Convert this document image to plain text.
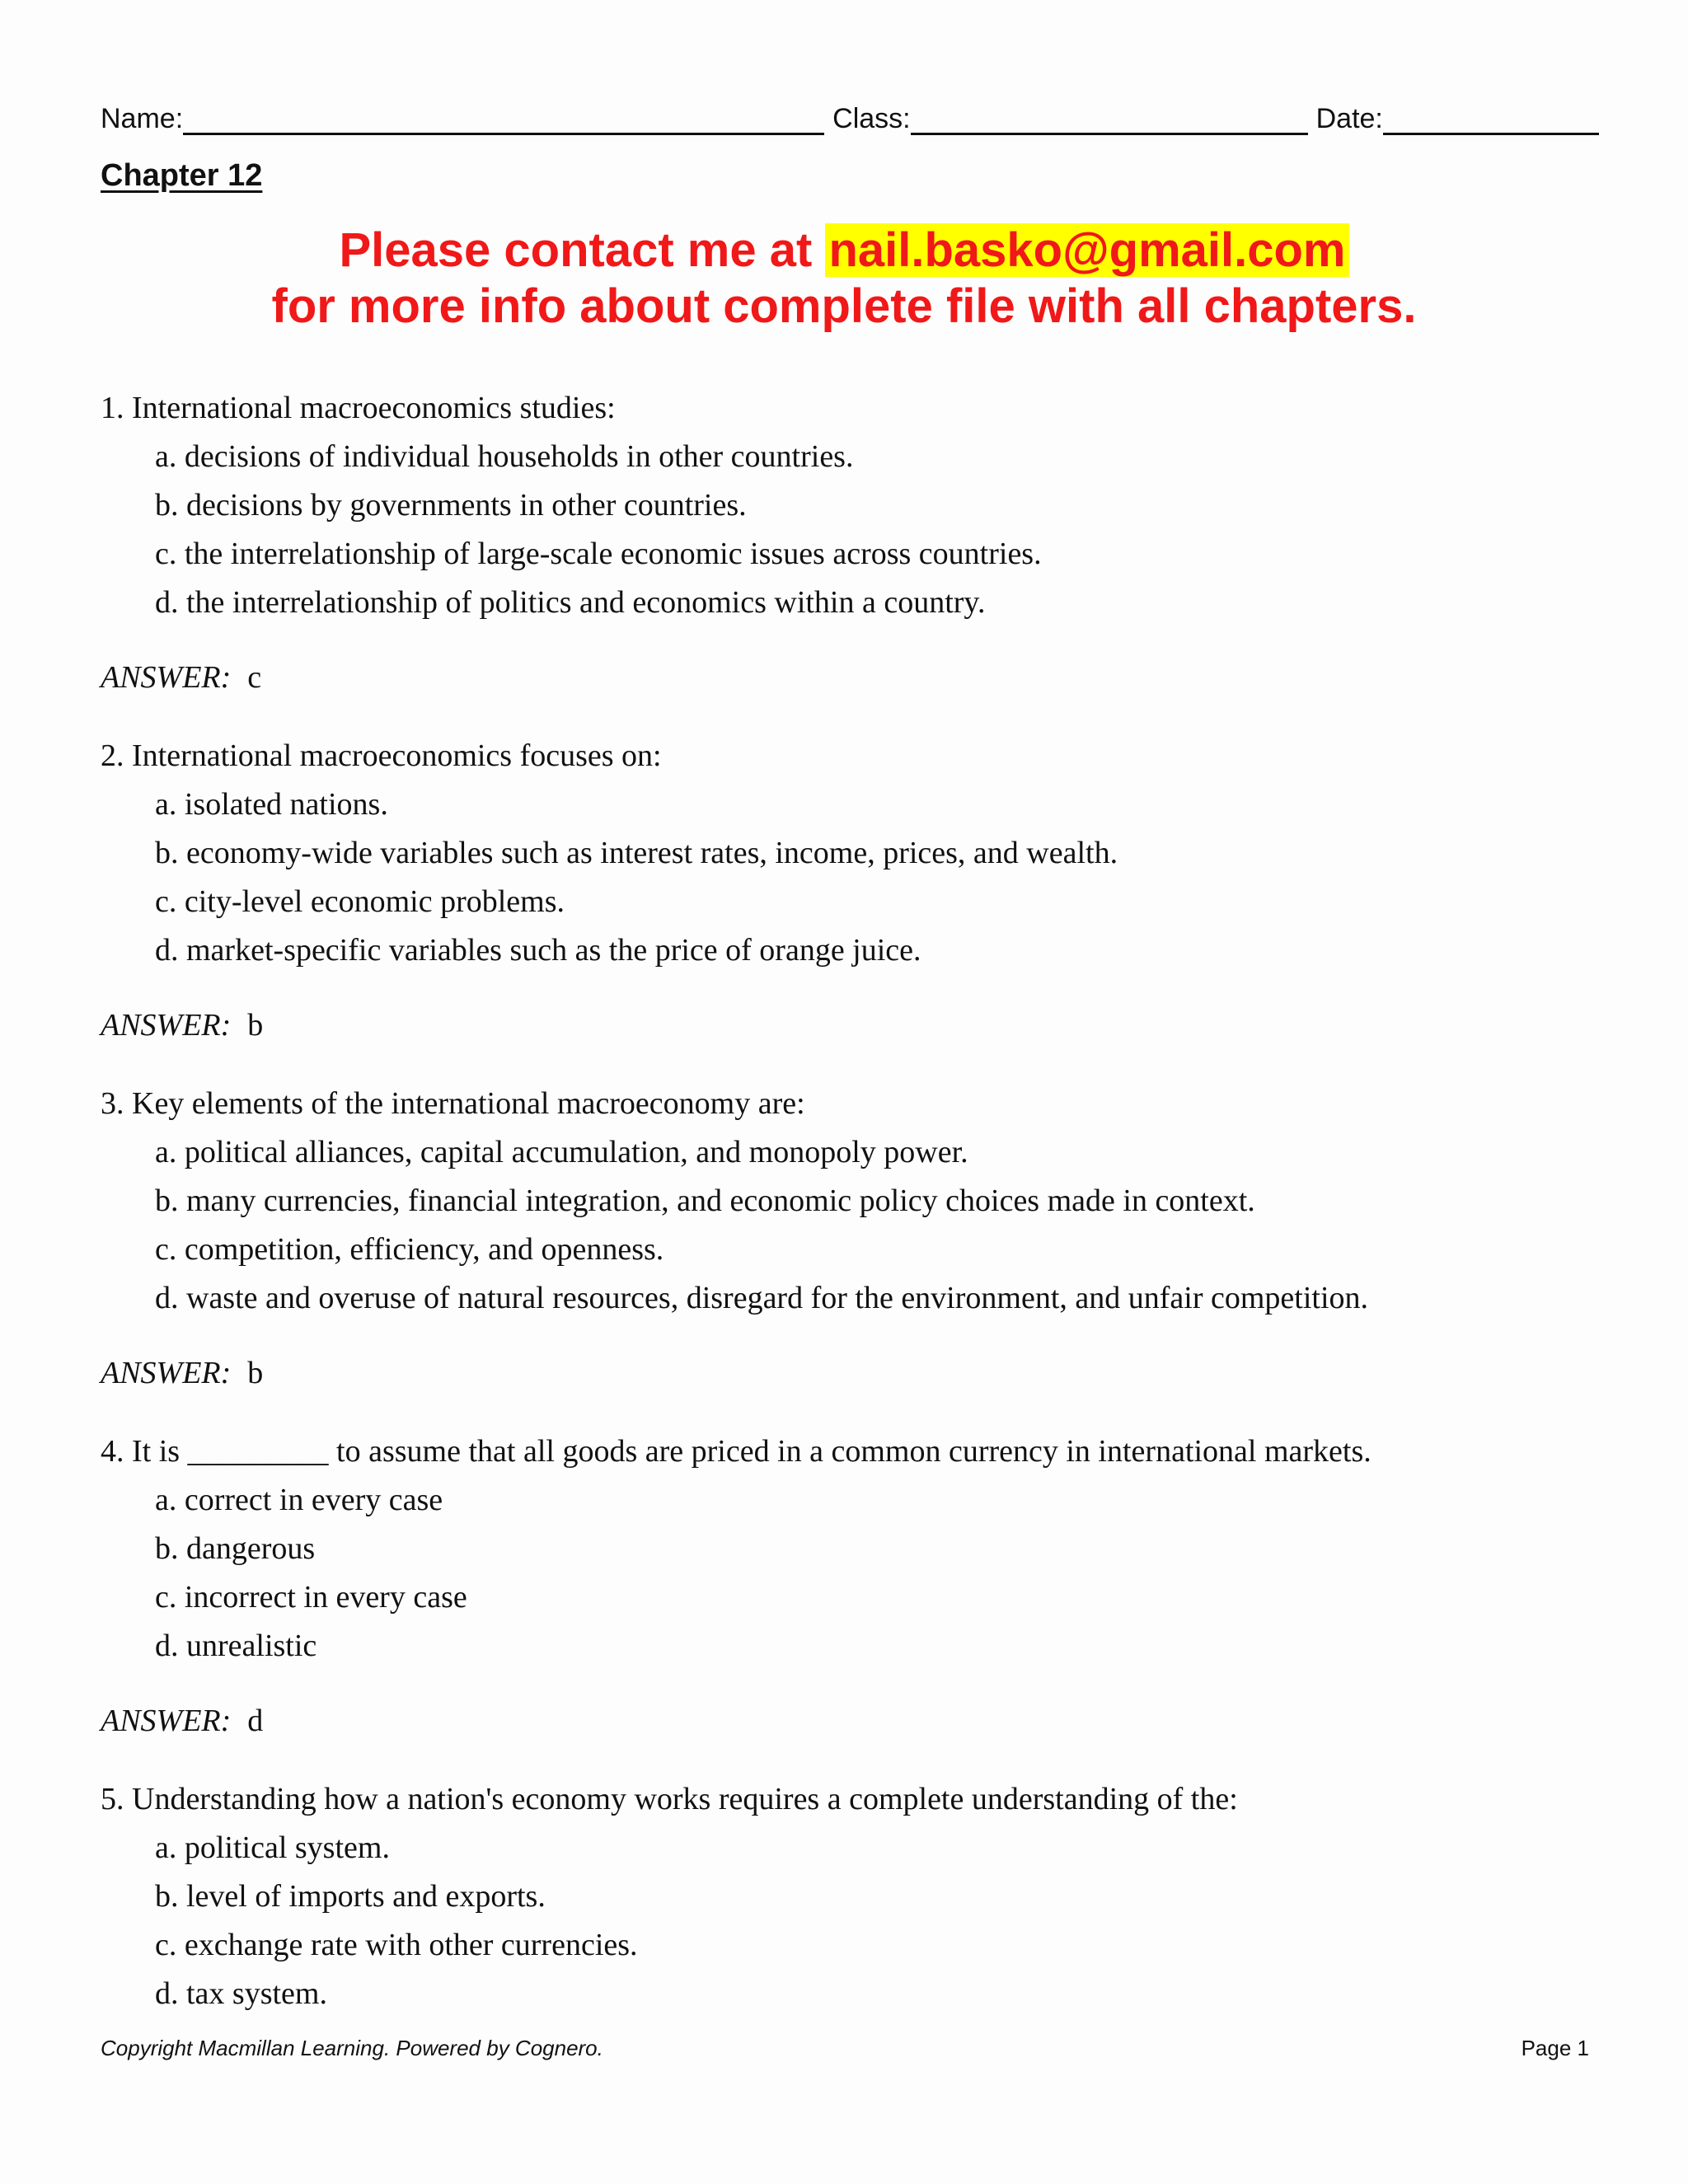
Name:	Class:	Date:
Chapter 12
Please contact me at nail.basko@gmail.com
for more info about complete file with all chapters.
1. International macroeconomics studies:
a. decisions of individual households in other countries.
b. decisions by governments in other countries.
c. the interrelationship of large-scale economic issues across countries.
d. the interrelationship of politics and economics within a country.
ANSWER: c
2. International macroeconomics focuses on:
a. isolated nations.
b. economy-wide variables such as interest rates, income, prices, and wealth.
c. city-level economic problems.
d. market-specific variables such as the price of orange juice.
ANSWER: b
3. Key elements of the international macroeconomy are:
a. political alliances, capital accumulation, and monopoly power.
b. many currencies, financial integration, and economic policy choices made in context.
c. competition, efficiency, and openness.
d. waste and overuse of natural resources, disregard for the environment, and unfair competition.
ANSWER: b
4. It is _________ to assume that all goods are priced in a common currency in international markets.
a. correct in every case
b. dangerous
c. incorrect in every case
d. unrealistic
ANSWER: d
5. Understanding how a nation's economy works requires a complete understanding of the:
a. political system.
b. level of imports and exports.
c. exchange rate with other currencies.
d. tax system.
Copyright Macmillan Learning. Powered by Cognero.	Page 1
